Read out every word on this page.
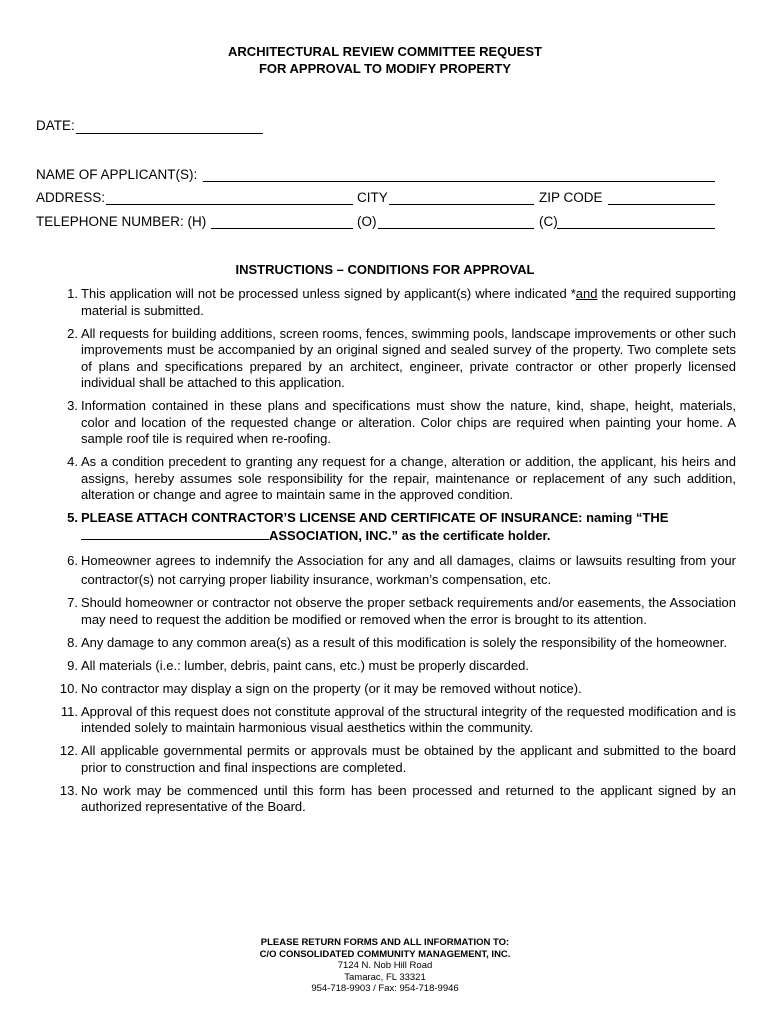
ARCHITECTURAL REVIEW COMMITTEE REQUEST
FOR APPROVAL TO MODIFY PROPERTY
DATE:
NAME OF APPLICANT(S):
ADDRESS:	CITY	ZIP CODE
TELEPHONE NUMBER: (H)	(O)	(C)
INSTRUCTIONS – CONDITIONS FOR APPROVAL
1. This application will not be processed unless signed by applicant(s) where indicated *and the required supporting material is submitted.
2. All requests for building additions, screen rooms, fences, swimming pools, landscape improvements or other such improvements must be accompanied by an original signed and sealed survey of the property. Two complete sets of plans and specifications prepared by an architect, engineer, private contractor or other properly licensed individual shall be attached to this application.
3. Information contained in these plans and specifications must show the nature, kind, shape, height, materials, color and location of the requested change or alteration. Color chips are required when painting your home. A sample roof tile is required when re-roofing.
4. As a condition precedent to granting any request for a change, alteration or addition, the applicant, his heirs and assigns, hereby assumes sole responsibility for the repair, maintenance or replacement of any such addition, alteration or change and agree to maintain same in the approved condition.
5. PLEASE ATTACH CONTRACTOR’S LICENSE AND CERTIFICATE OF INSURANCE: naming “THE
ASSOCIATION, INC.” as the certificate holder.
6. Homeowner agrees to indemnify the Association for any and all damages, claims or lawsuits resulting from your contractor(s) not carrying proper liability insurance, workman’s compensation, etc.
7. Should homeowner or contractor not observe the proper setback requirements and/or easements, the Association may need to request the addition be modified or removed when the error is brought to its attention.
8. Any damage to any common area(s) as a result of this modification is solely the responsibility of the homeowner.
9. All materials (i.e.: lumber, debris, paint cans, etc.) must be properly discarded.
10. No contractor may display a sign on the property (or it may be removed without notice).
11. Approval of this request does not constitute approval of the structural integrity of the requested modification and is intended solely to maintain harmonious visual aesthetics within the community.
12. All applicable governmental permits or approvals must be obtained by the applicant and submitted to the board prior to construction and final inspections are completed.
13. No work may be commenced until this form has been processed and returned to the applicant signed by an authorized representative of the Board.
PLEASE RETURN FORMS AND ALL INFORMATION TO:
C/O CONSOLIDATED COMMUNITY MANAGEMENT, INC.
7124 N. Nob Hill Road
Tamarac, FL 33321
954-718-9903 / Fax: 954-718-9946
